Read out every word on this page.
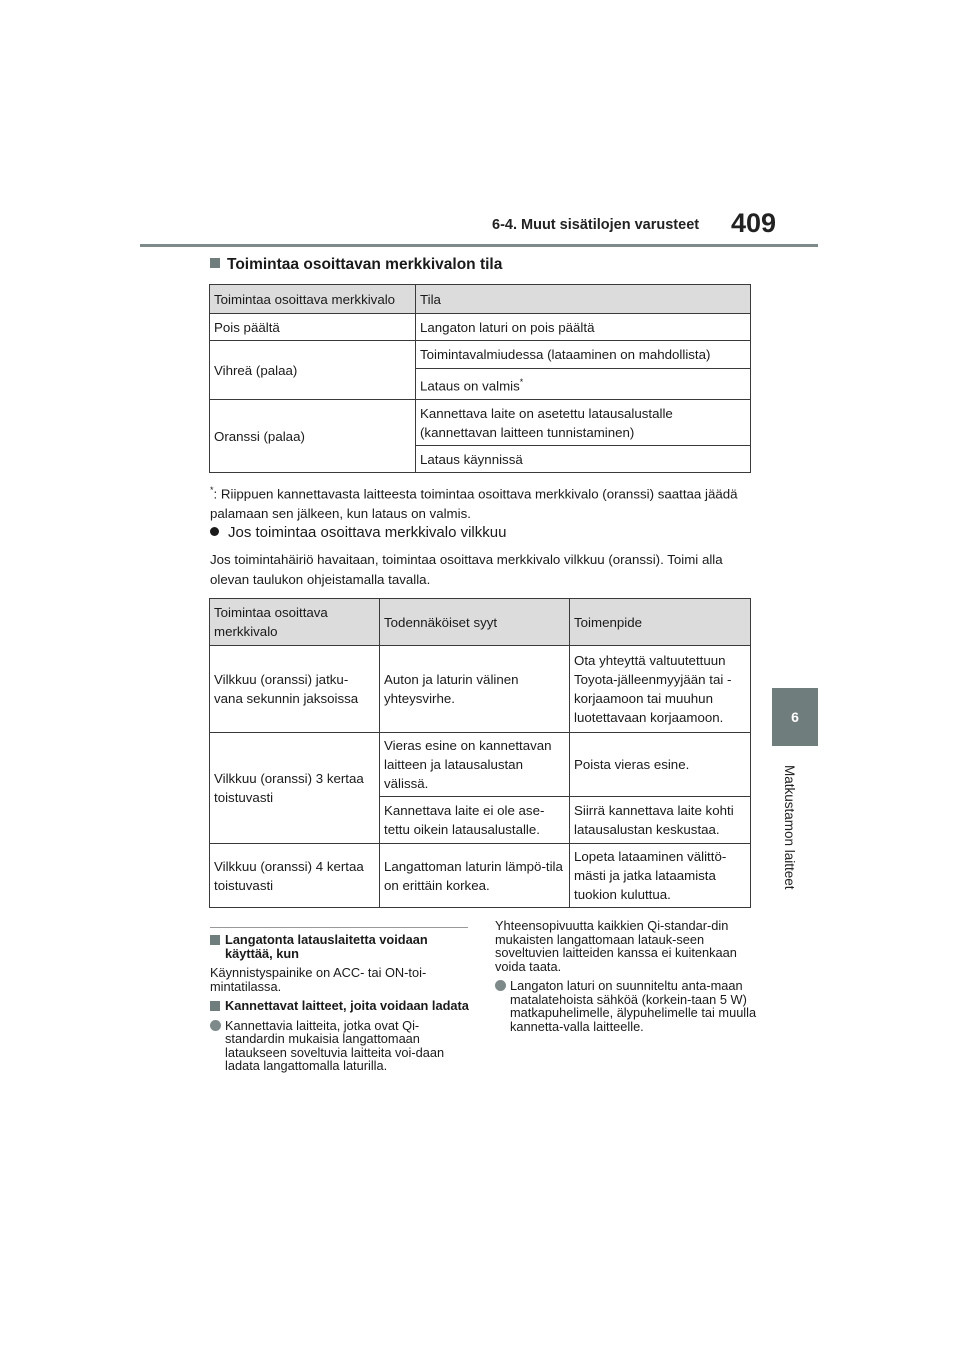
6-4. Muut sisätilojen varusteet 409
6
Matkustamon laitteet
Toimintaa osoittavan merkkivalon tila
Toimintaa osoittava merkkivalo	Tila
Pois päältä	Langaton laturi on pois päältä
Vihreä (palaa)	Toimintavalmiudessa (lataaminen on mahdollista)
	Lataus on valmis*
Oranssi (palaa)	Kannettava laite on asetettu latausalustalle (kannettavan laitteen tunnistaminen)
	Lataus käynnissä
*: Riippuen kannettavasta laitteesta toimintaa osoittava merkkivalo (oranssi) saattaa jäädä palamaan sen jälkeen, kun lataus on valmis.
Jos toimintaa osoittava merkkivalo vilkkuu
Jos toimintahäiriö havaitaan, toimintaa osoittava merkkivalo vilkkuu (oranssi). Toimi alla olevan taulukon ohjeistamalla tavalla.
Toimintaa osoittava merkkivalo	Todennäköiset syyt	Toimenpide
Vilkkuu (oranssi) jatku-vana sekunnin jaksoissa	Auton ja laturin välinen yhteysvirhe.	Ota yhteyttä valtuutettuun Toyota-jälleenmyyjään tai -korjaamoon tai muuhun luotettavaan korjaamoon.
Vilkkuu (oranssi) 3 kertaa toistuvasti	Vieras esine on kannettavan laitteen ja latausalustan välissä.	Poista vieras esine.
	Kannettava laite ei ole ase-tettu oikein latausalustalle.	Siirrä kannettava laite kohti latausalustan keskustaa.
Vilkkuu (oranssi) 4 kertaa toistuvasti	Langattoman laturin lämpö-tila on erittäin korkea.	Lopeta lataaminen välittö-mästi ja jatka lataamista tuokion kuluttua.
Langatonta latauslaitetta voidaan käyttää, kun
Käynnistyspainike on ACC- tai ON-toi-mintatilassa.
Kannettavat laitteet, joita voidaan ladata
Kannettavia laitteita, jotka ovat Qi-standardin mukaisia langattomaan lataukseen soveltuvia laitteita voi-daan ladata langattomalla laturilla.
Yhteensopivuutta kaikkien Qi-standar-din mukaisten langattomaan latauk-seen soveltuvien laitteiden kanssa ei kuitenkaan voida taata.
Langaton laturi on suunniteltu anta-maan matalatehoista sähköä (korkein-taan 5 W) matkapuhelimelle, älypuhelimelle tai muulla kannetta-valla laitteelle.
